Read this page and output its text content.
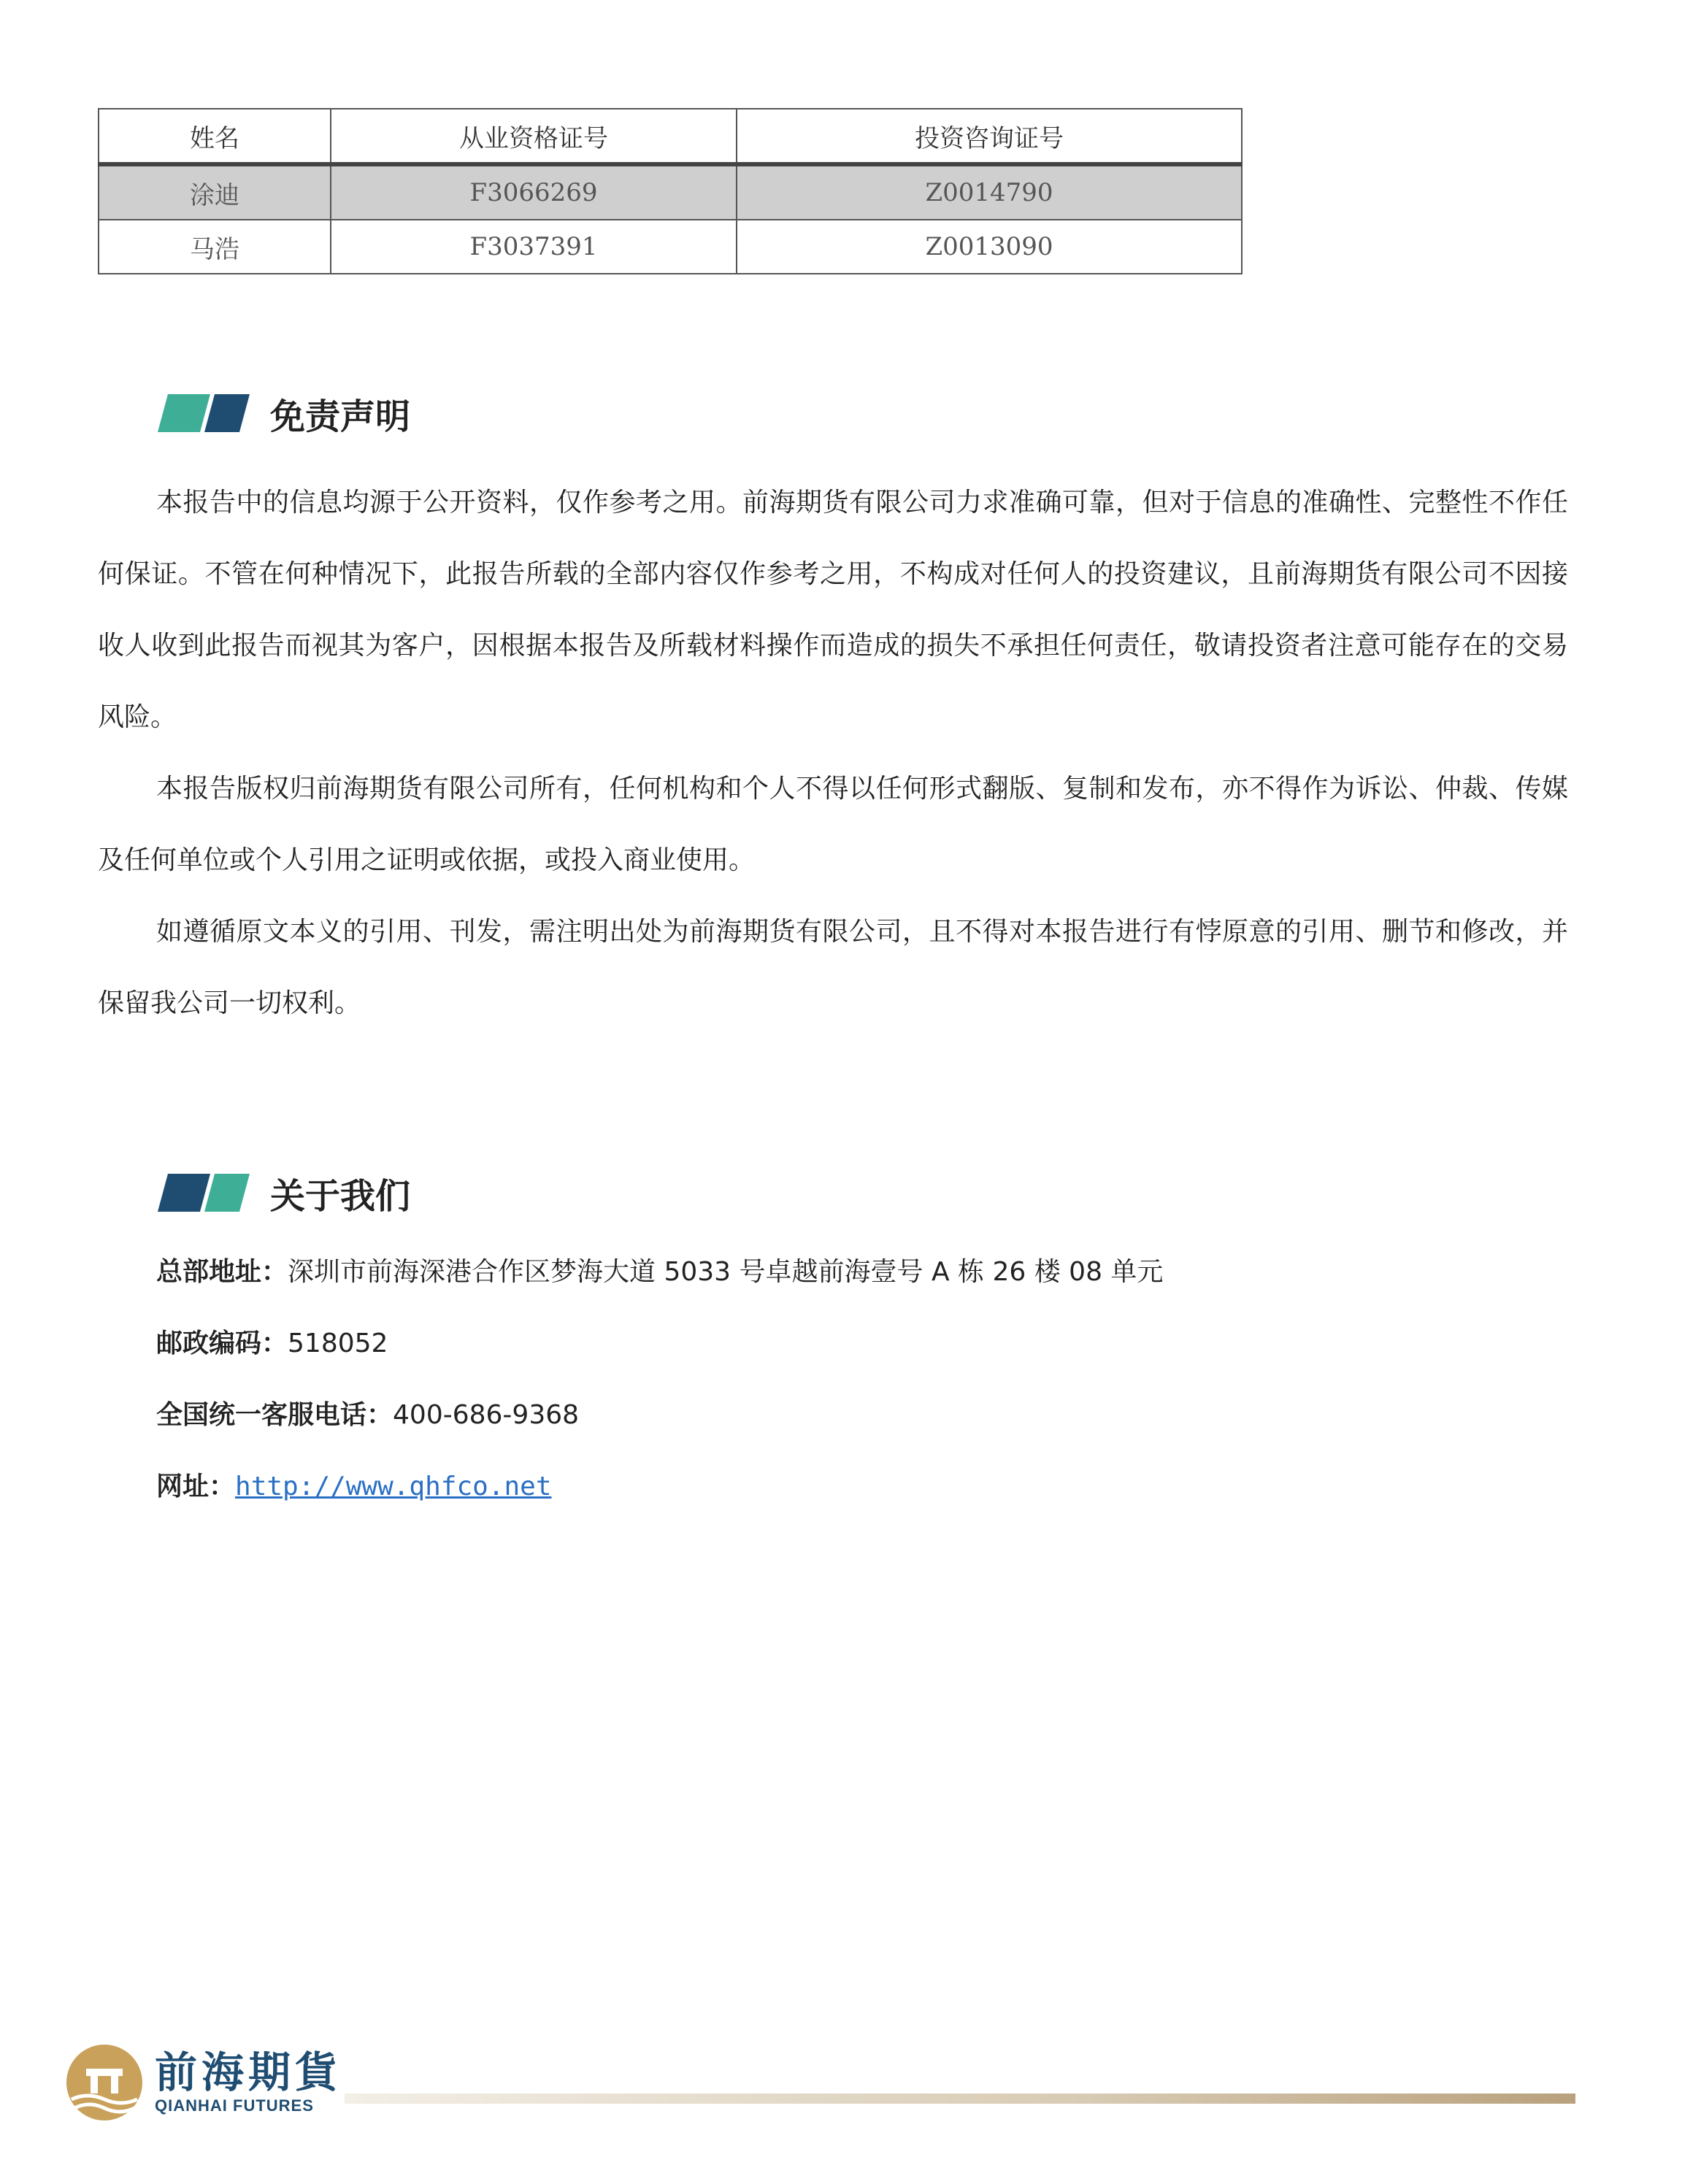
姓名	从业资格证号	投资咨询证号
涂迪	F3066269	Z0014790
马浩	F3037391	Z0013090
免责声明

本报告中的信息均源于公开资料，仅作参考之用。前海期货有限公司力求准确可靠，但对于信息的准确性、完整性不作任何保证。不管在何种情况下，此报告所载的全部内容仅作参考之用，不构成对任何人的投资建议，且前海期货有限公司不因接收人收到此报告而视其为客户，因根据本报告及所载材料操作而造成的损失不承担任何责任，敬请投资者注意可能存在的交易风险。

本报告版权归前海期货有限公司所有，任何机构和个人不得以任何形式翻版、复制和发布，亦不得作为诉讼、仲裁、传媒及任何单位或个人引用之证明或依据，或投入商业使用。

如遵循原文本义的引用、刊发，需注明出处为前海期货有限公司，且不得对本报告进行有悖原意的引用、删节和修改，并保留我公司一切权利。

关于我们
总部地址：深圳市前海深港合作区梦海大道 5033 号卓越前海壹号 A 栋 26 楼 08 单元
邮政编码：518052
全国统一客服电话：400-686-9368
网址：http://www.qhfco.net
前海期貨
QIANHAI FUTURES
